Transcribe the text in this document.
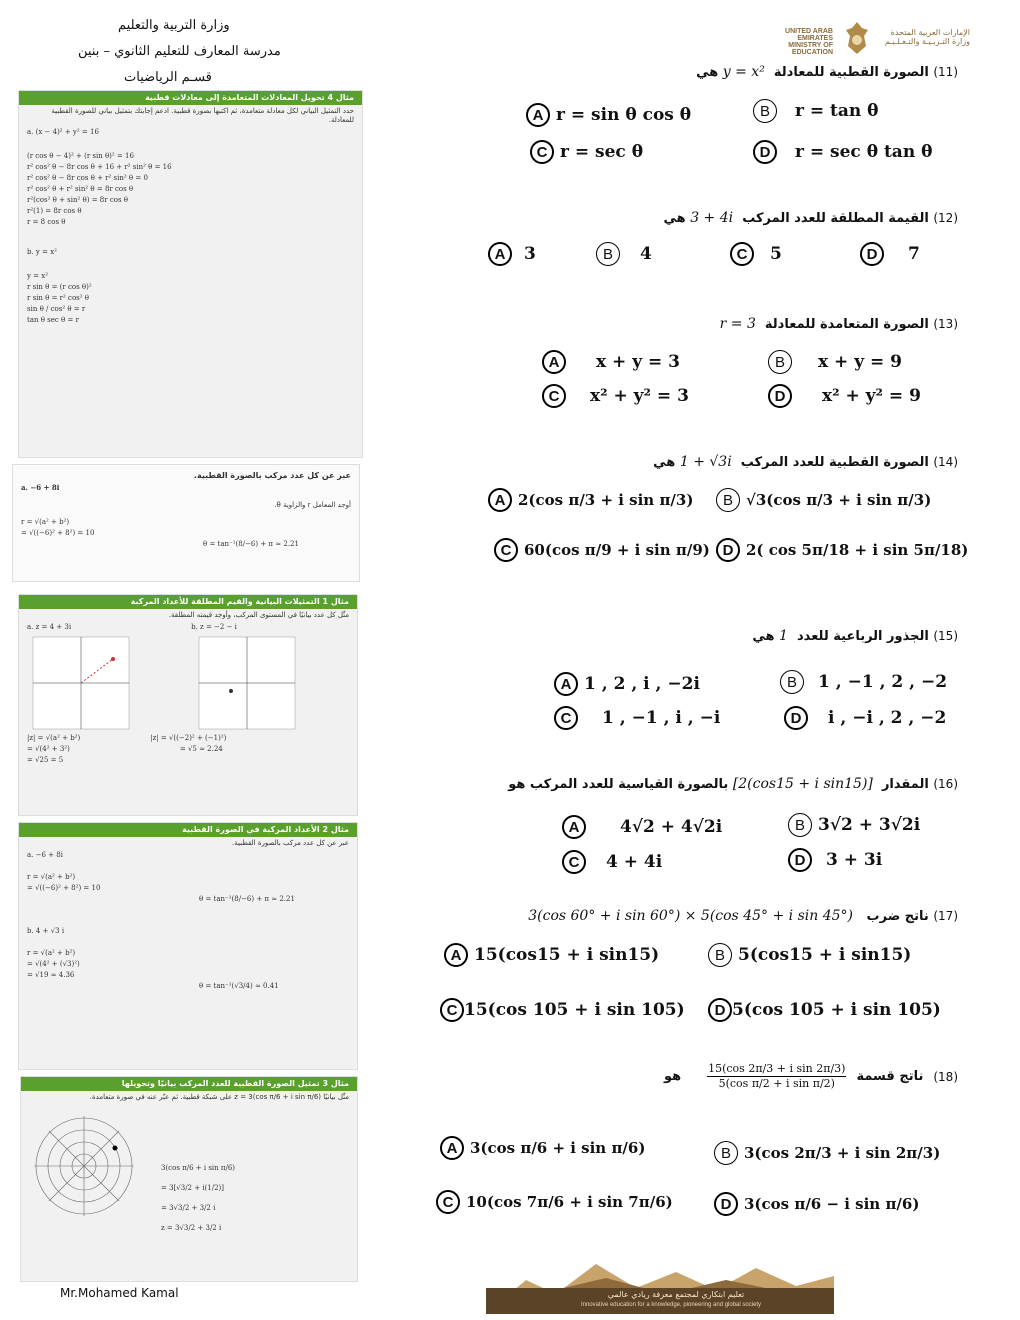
وزارة التربية والتعليم
مدرسة المعارف للتعليم الثانوي – بنين
قسـم الرياضيات
UNITED ARAB EMIRATES
MINISTRY OF EDUCATION
الإمارات العربية المتحدة
وزارة التـربـيـة والتـعـلـيـم
مثال 4 تحويل المعادلات المتعامدة إلى معادلات قطبية
حدد التمثيل البياني لكل معادلة متعامدة، ثم اكتبها بصورة قطبية. ادعم إجابتك بتمثيل بياني للصورة القطبية للمعادلة.
a. (x − 4)² + y² = 16
(r cos θ − 4)² + (r sin θ)² = 16
r² cos² θ − 8r cos θ + 16 + r² sin² θ = 16
r² cos² θ − 8r cos θ + r² sin² θ = 0
r² cos² θ + r² sin² θ = 8r cos θ
r²(cos² θ + sin² θ) = 8r cos θ
r²(1) = 8r cos θ
r = 8 cos θ
b. y = x²
y = x²
r sin θ = (r cos θ)²
r sin θ = r² cos² θ
sin θ / cos² θ = r
tan θ sec θ = r
عبر عن كل عدد مركب بالصورة القطبية.
a. −6 + 8i
أوجد المعامل r والزاوية θ.
r = √(a² + b²)
= √((−6)² + 8²) = 10
θ = tan⁻¹(8/−6) + π ≈ 2.21
مثال 1 التمثيلات البيانية والقيم المطلقة للأعداد المركبة
مثّل كل عدد بيانيًا في المستوى المركب، وأوجد قيمته المطلقة.
a. z = 4 + 3i	b. z = −2 − i
|z| = √(a² + b²)	|z| = √((−2)² + (−1)²)
= √(4² + 3²)	= √5 ≈ 2.24
= √25 = 5
مثال 2 الأعداد المركبة في الصورة القطبية
عبر عن كل عدد مركب بالصورة القطبية.
a. −6 + 8i
r = √(a² + b²)
= √((−6)² + 8²) = 10
θ = tan⁻¹(8/−6) + π ≈ 2.21
b. 4 + √3 i
r = √(a² + b²)
= √(4² + (√3)²)
= √19 ≈ 4.36
θ = tan⁻¹(√3/4) ≈ 0.41
مثال 3 تمثيل الصورة القطبية للعدد المركب بيانيًا وتحويلها
مثّل بيانيًا z = 3(cos π/6 + i sin π/6) على شبكة قطبية. ثم عبّر عنه في صورة متعامدة.
3(cos π/6 + i sin π/6)
= 3[√3/2 + i(1/2)]
= 3√3/2 + 3/2 i
z = 3√3/2 + 3/2 i
Mr.Mohamed Kamal
(11) الصورة القطبية للمعادلة  y = x² هي
A r = sin θ cos θ	B	r = tan θ
C r = sec θ	D	r = sec θ tan θ
(12) القيمة المطلقة للعدد المركب  3 + 4i هي
A	3	B	4	C	5	D	7
(13) الصورة المتعامدة للمعادلة  r = 3
A	x + y = 3	B	x + y = 9
C	x² + y² = 3	D	x² + y² = 9
(14) الصورة القطبية للعدد المركب  1 + √3i هي
A 2(cos π/3 + i sin π/3)	B √3(cos π/3 + i sin π/3)
C 60(cos π/9 + i sin π/9) D 2( cos 5π/18 + i sin 5π/18)
(15) الجذور الرباعية للعدد  1 هي
A 1 , 2 , i , −2i	B	1 , −1 , 2 , −2
C	1 , −1 , i , −i	D	i , −i , 2 , −2
(16) المقدار  [2(cos15 + i sin15)] بالصورة القياسية للعدد المركب هو
A	4√2 + 4√2i	B 3√2 + 3√2i
C	4 + 4i	D	3 + 3i
(17) ناتج ضرب   3(cos 60° + i sin 60°) × 5(cos 45° + i sin 45°)
A 15(cos15 + i sin15)	B 5(cos15 + i sin15)
C 15(cos 105 + i sin 105)	D 5(cos 105 + i sin 105)
(18)
ناتج قسمة
$\frac{\text{15(cos 2π/3 + i sin 2π/3)}}{\text{5(cos π/2 + i sin π/2)}}$
هو
A 3(cos π/6 + i sin π/6)	B 3(cos 2π/3 + i sin 2π/3)
C 10(cos 7π/6 + i sin 7π/6)	D 3(cos π/6 − i sin π/6)
تعليم ابتكاري لمجتمع معرفة ريادي عالمي
Innovative education for a knowledge, pioneering and global society
